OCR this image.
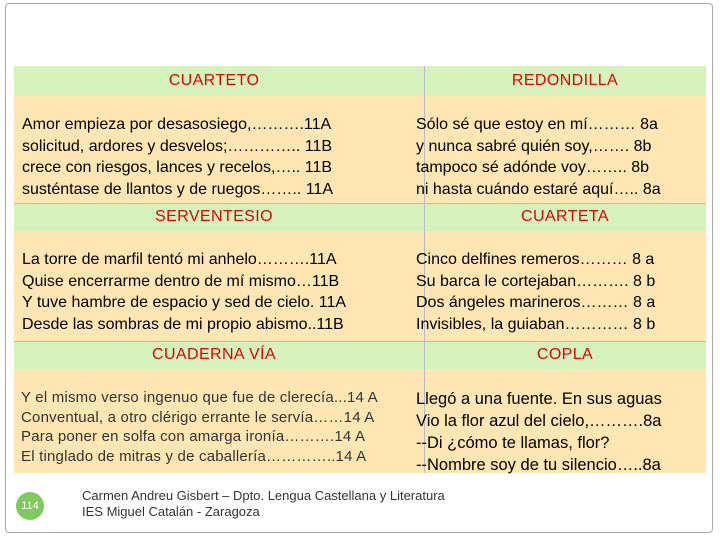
CUARTETO	REDONDILLA
Amor empieza por desasosiego,……….11A
solicitud, ardores y desvelos;………….. 11B
crece con riesgos, lances y recelos,….. 11B
susténtase de llantos y de ruegos…….. 11A
Sólo sé que estoy en mí……… 8a
y nunca sabré quién soy,……. 8b
tampoco sé adónde voy…….. 8b
ni hasta cuándo estaré aquí….. 8a
SERVENTESIO	CUARTETA
La torre de marfil tentó mi anhelo……….11A
Quise encerrarme dentro de mí mismo…11B
Y tuve hambre de espacio y sed de cielo. 11A
Desde las sombras de mi propio abismo..11B
Cinco delfines remeros……… 8 a
Su barca le cortejaban………. 8 b
Dos ángeles marineros……… 8 a
Invisibles, la guiaban………… 8 b
CUADERNA VÍA	COPLA
Y el mismo verso ingenuo que fue de clerecía...14 A
Conventual, a otro clérigo errante le servía……14 A
Para poner en solfa con amarga ironía……….14 A
El tinglado de mitras y de caballería…………..14 A
Llegó a una fuente. En sus aguas
Vio la flor azul del cielo,……….8a
--Di ¿cómo te llamas, flor?
--Nombre soy de tu silencio…..8a
114
Carmen Andreu Gisbert – Dpto. Lengua Castellana y Literatura
IES Miguel Catalán - Zaragoza
